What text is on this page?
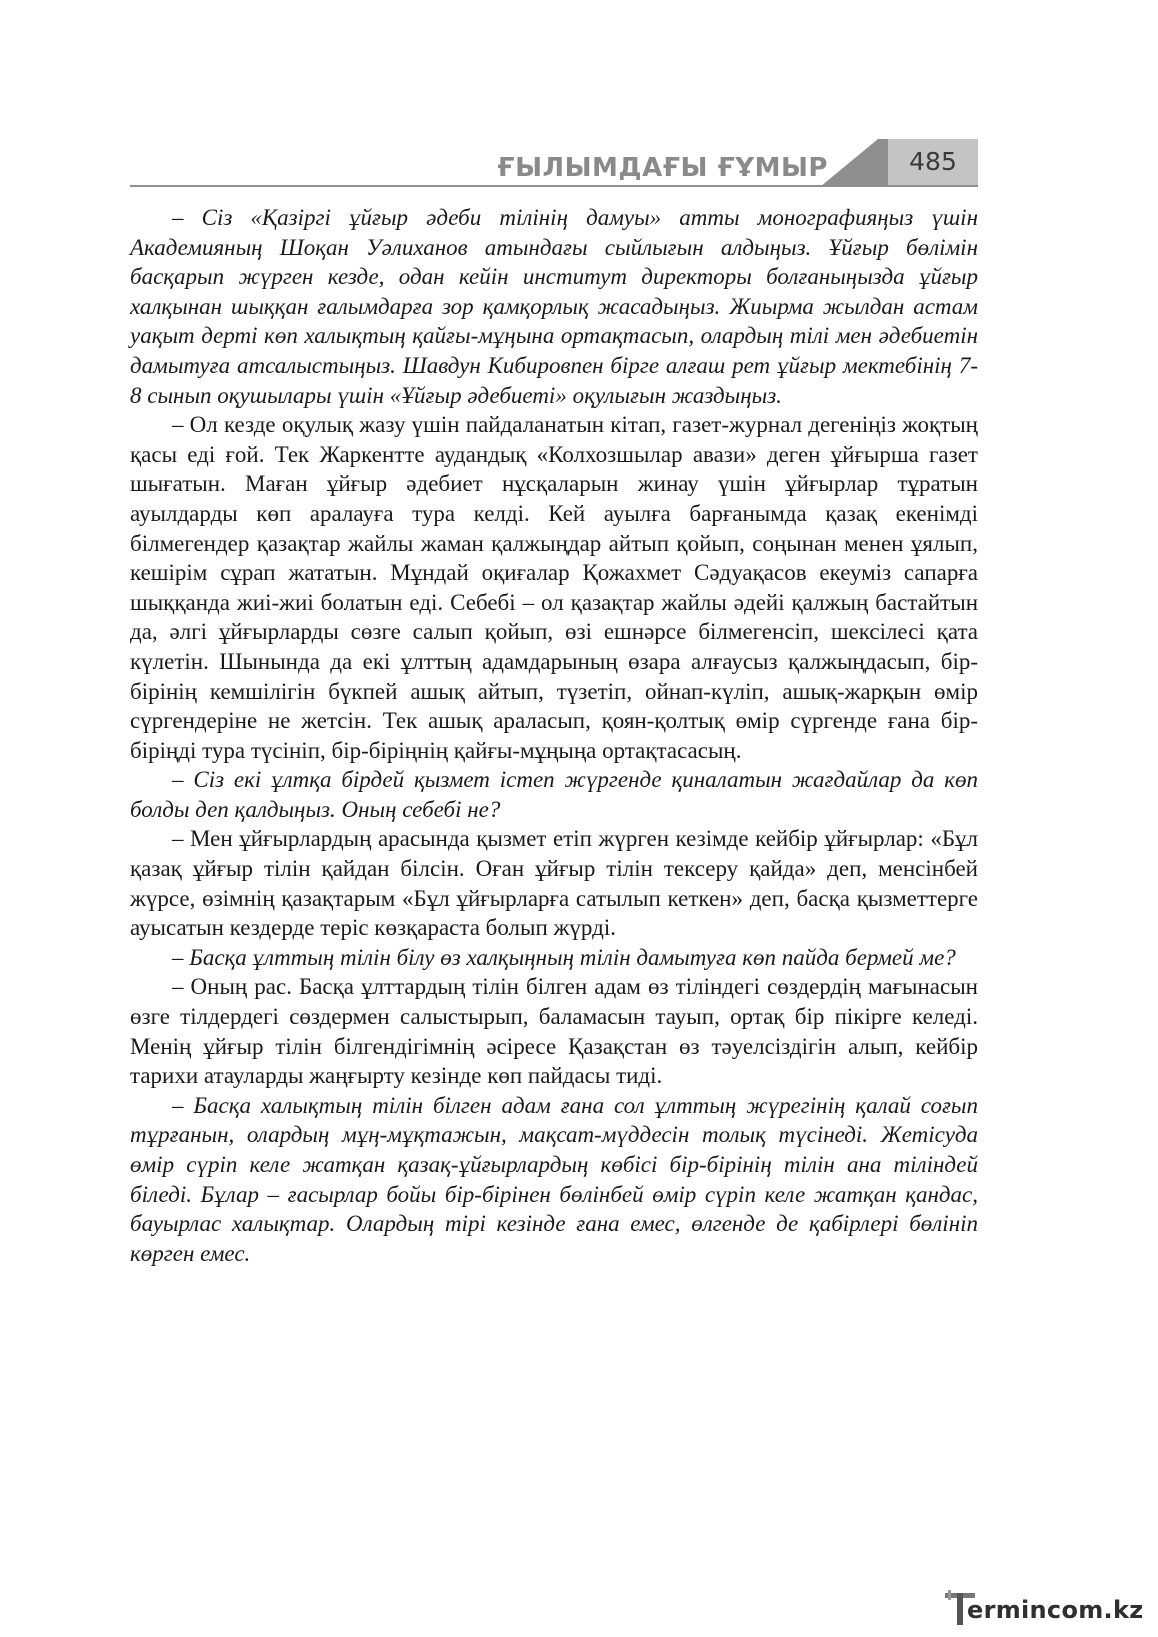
ҒЫЛЫМДАҒЫ ҒҰМЫР	485

– Сіз «Қазіргі ұйғыр әдеби тілінің дамуы» атты монографияңыз үшін Академияның Шоқан Уәлиханов атындағы сыйлығын алдыңыз. Ұйғыр бөлімін басқарып жүрген кезде, одан кейін институт директоры болғаныңызда ұйғыр халқынан шыққан ғалымдарға зор қамқорлық жасадыңыз. Жиырма жылдан астам уақыт дерті көп халықтың қайғы-мұңына ортақтасып, олардың тілі мен әдебиетін дамытуға атсалыстыңыз. Шавдун Кибировпен бірге алғаш рет ұйғыр мектебінің 7-8 сынып оқушылары үшін «Ұйғыр әдебиеті» оқулығын жаздыңыз.

– Ол кезде оқулық жазу үшін пайдаланатын кітап, газет-журнал дегеніңіз жоқтың қасы еді ғой. Тек Жаркентте аудандық «Колхозшылар авази» деген ұйғырша газет шығатын. Маған ұйғыр әдебиет нұсқаларын жинау үшін ұйғырлар тұратын ауылдарды көп аралауға тура келді. Кей ауылға барғанымда қазақ екенімді білмегендер қазақтар жайлы жаман қалжыңдар айтып қойып, соңынан менен ұялып, кешірім сұрап жататын. Мұндай оқиғалар Қожахмет Сәдуақасов екеуміз сапарға шыққанда жиі-жиі болатын еді. Себебі – ол қазақтар жайлы әдейі қалжың бастайтын да, әлгі ұйғырларды сөзге салып қойып, өзі ешнәрсе білмегенсіп, шексілесі қата күлетін. Шынында да екі ұлттың адамдарының өзара алғаусыз қалжыңдасып, бір-бірінің кемшілігін бүкпей ашық айтып, түзетіп, ойнап-күліп, ашық-жарқын өмір сүргендеріне не жетсін. Тек ашық араласып, қоян-қолтық өмір сүргенде ғана бір-біріңді тура түсініп, бір-біріңнің қайғы-мұңыңа ортақтасасың.

– Сіз екі ұлтқа бірдей қызмет істеп жүргенде қиналатын жағдайлар да көп болды деп қалдыңыз. Оның себебі не?

– Мен ұйғырлардың арасында қызмет етіп жүрген кезімде кейбір ұйғырлар: «Бұл қазақ ұйғыр тілін қайдан білсін. Оған ұйғыр тілін тексеру қайда» деп, менсінбей жүрсе, өзімнің қазақтарым «Бұл ұйғырларға сатылып кеткен» деп, басқа қызметтерге ауысатын кездерде теріс көзқараста болып жүрді.

– Басқа ұлттың тілін білу өз халқыңның тілін дамытуға көп пайда бермей ме?

– Оның рас. Басқа ұлттардың тілін білген адам өз тіліндегі сөздердің мағынасын өзге тілдердегі сөздермен салыстырып, баламасын тауып, ортақ бір пікірге келеді. Менің ұйғыр тілін білгендігімнің әсіресе Қазақстан өз тәуелсіздігін алып, кейбір тарихи атауларды жаңғырту кезінде көп пайдасы тиді.

– Басқа халықтың тілін білген адам ғана сол ұлттың жүрегінің қалай соғып тұрғанын, олардың мұң-мұқтажын, мақсат-мүддесін толық түсінеді. Жетісуда өмір сүріп келе жатқан қазақ-ұйғырлардың көбісі бір-бірінің тілін ана тіліндей біледі. Бұлар – ғасырлар бойы бір-бірінен бөлінбей өмір сүріп келе жатқан қандас, бауырлас халықтар. Олардың тірі кезінде ғана емес, өлгенде де қабірлері бөлініп көрген емес.

ermincom.kz
